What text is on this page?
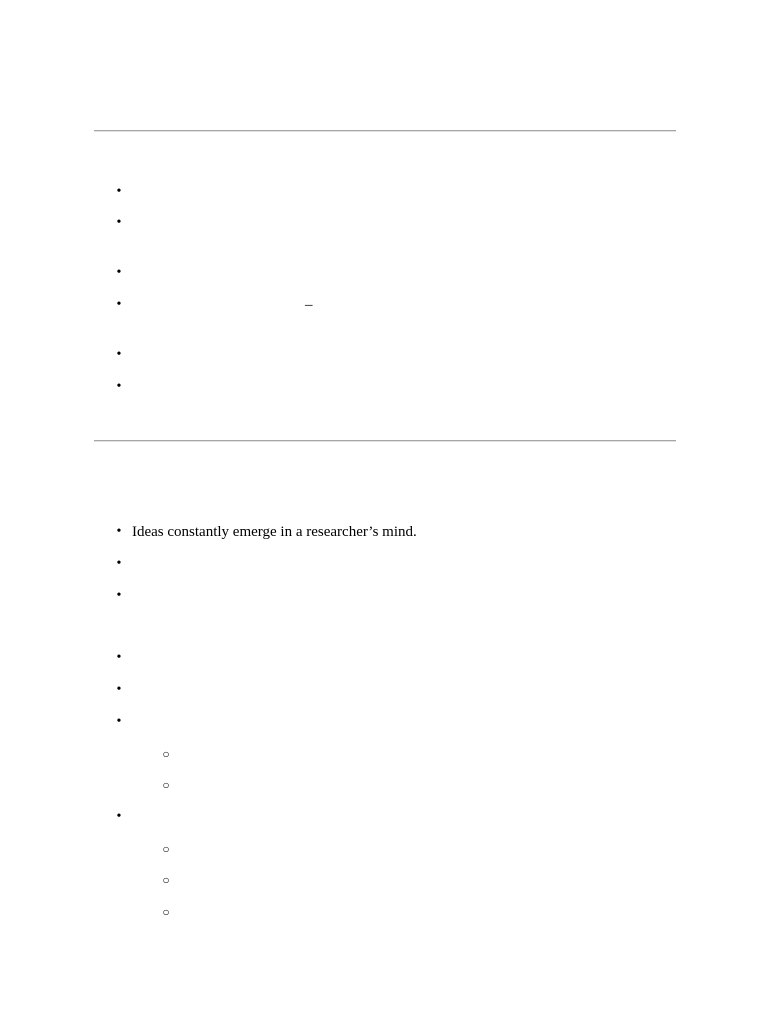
•
•
•
•	–
•
•
• Ideas constantly emerge in a researcher’s mind.
•
•
•
•
•
○
○
•
○
○
○
